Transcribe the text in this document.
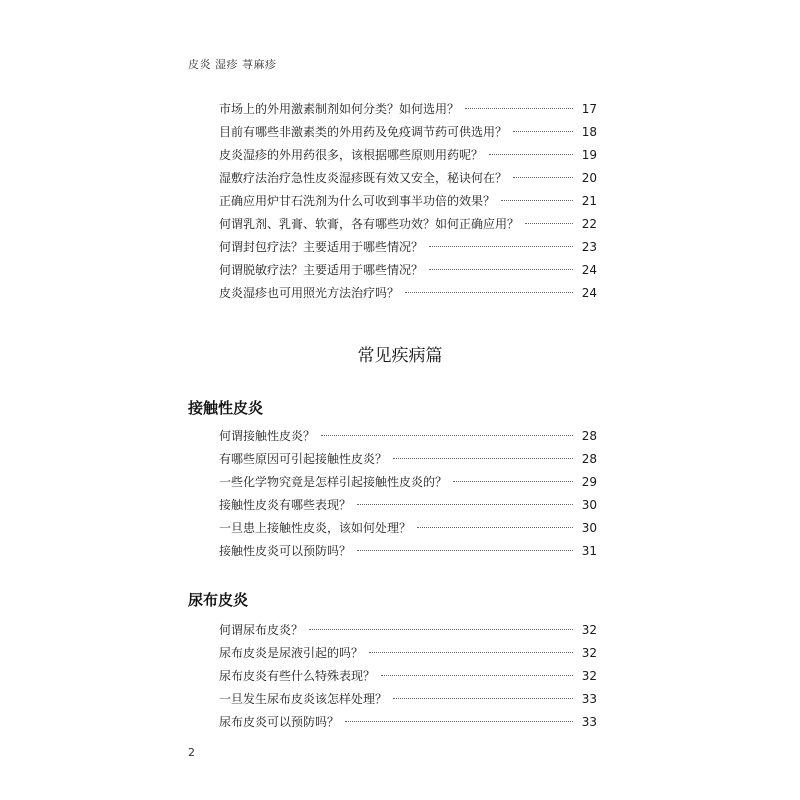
皮炎 湿疹 荨麻疹
市场上的外用激素制剂如何分类？如何选用？	17
目前有哪些非激素类的外用药及免疫调节药可供选用？	18
皮炎湿疹的外用药很多，该根据哪些原则用药呢？	19
湿敷疗法治疗急性皮炎湿疹既有效又安全，秘诀何在？	20
正确应用炉甘石洗剂为什么可收到事半功倍的效果？	21
何谓乳剂、乳膏、软膏，各有哪些功效？如何正确应用？	22
何谓封包疗法？主要适用于哪些情况？	23
何谓脱敏疗法？主要适用于哪些情况？	24
皮炎湿疹也可用照光方法治疗吗？	24
常见疾病篇
接触性皮炎
何谓接触性皮炎？	28
有哪些原因可引起接触性皮炎？	28
一些化学物究竟是怎样引起接触性皮炎的？	29
接触性皮炎有哪些表现？	30
一旦患上接触性皮炎，该如何处理？	30
接触性皮炎可以预防吗？	31
尿布皮炎
何谓尿布皮炎？	32
尿布皮炎是尿液引起的吗？	32
尿布皮炎有些什么特殊表现？	32
一旦发生尿布皮炎该怎样处理？	33
尿布皮炎可以预防吗？	33
2
